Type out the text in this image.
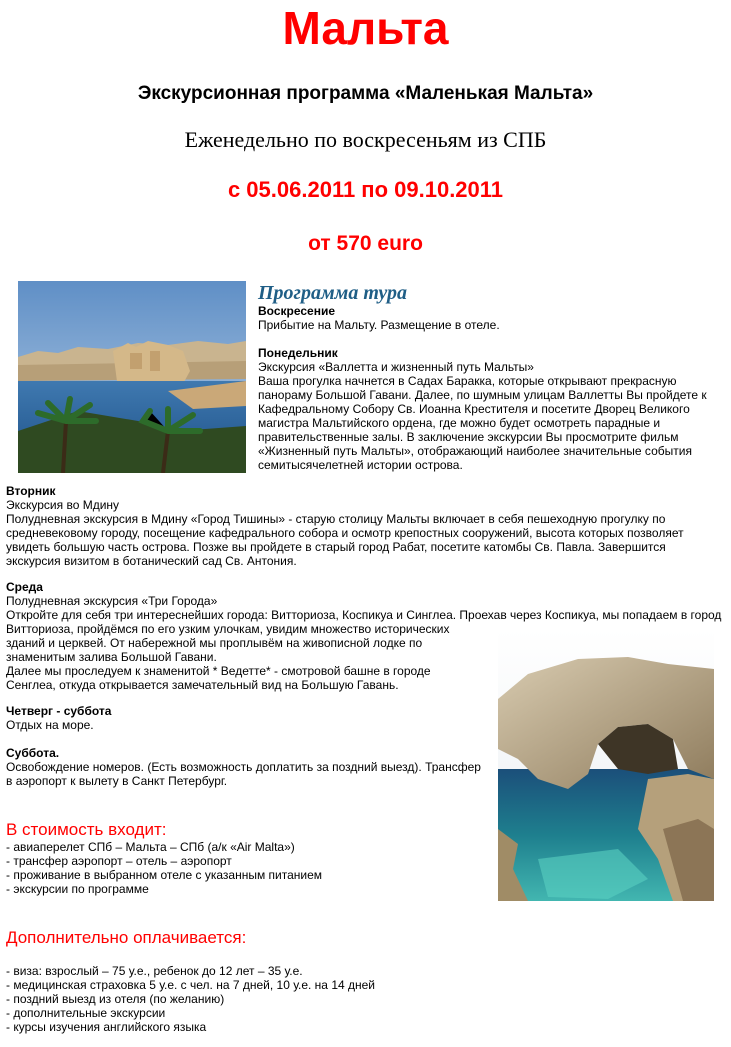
Мальта
Экскурсионная программа «Маленькая Мальта»
Еженедельно по воскресеньям из СПБ
с 05.06.2011 по 09.10.2011
от 570 euro
Программа тура
Воскресение
Прибытие на Мальту. Размещение в отеле.
Понедельник
Экскурсия «Валлетта и жизненный путь Мальты»
Ваша прогулка начнется в Садах Баракка, которые открывают прекрасную
панораму Большой Гавани. Далее, по шумным улицам Валлетты Вы пройдете к
Кафедральному Собору Св. Иоанна Крестителя и посетите Дворец Великого
магистра Мальтийского ордена, где можно будет осмотреть парадные и
правительственные залы. В заключение экскурсии Вы просмотрите фильм
«Жизненный путь Мальты», отображающий наиболее значительные события
семитысячелетней истории острова.
Вторник
Экскурсия во Мдину
Полудневная экскурсия в Мдину «Город Тишины» - старую столицу Мальты включает в себя пешеходную прогулку по
средневековому городу, посещение кафедрального собора и осмотр крепостных сооружений, высота которых позволяет
увидеть большую часть острова. Позже вы пройдете в старый город Рабат, посетите катомбы Св. Павла. Завершится
экскурсия визитом в ботанический сад Св. Антония.
Среда
Полудневная экскурсия «Три Города»
Откройте для себя три интереснейших города: Витториоза, Коспикуа и Синглеа. Проехав через Коспикуа, мы попадаем в город
Витториоза, пройдёмся по его узким улочкам, увидим множество исторических
зданий и церквей. От набережной мы проплывём на живописной лодке по
знаменитым залива Большой Гавани.
Далее мы проследуем к знаменитой * Ведетте* - смотровой башне в городе
Сенглеа, откуда открывается замечательный вид на Большую Гавань.
Четверг - суббота
Отдых на море.
Суббота.
Освобождение номеров. (Есть возможность доплатить за поздний выезд). Трансфер
в аэропорт к вылету в Санкт Петербург.
В стоимость входит:
- авиаперелет СПб – Мальта – СПб (а/к «Air Malta»)
- трансфер аэропорт – отель – аэропорт
- проживание в выбранном отеле с указанным питанием
- экскурсии по программе
Дополнительно оплачивается:
- виза: взрослый – 75 у.е., ребенок до 12 лет – 35 у.е.
- медицинская страховка 5 у.е. с чел. на 7 дней, 10 у.е. на 14 дней
- поздний выезд из отеля (по желанию)
- дополнительные экскурсии
- курсы изучения английского языка
